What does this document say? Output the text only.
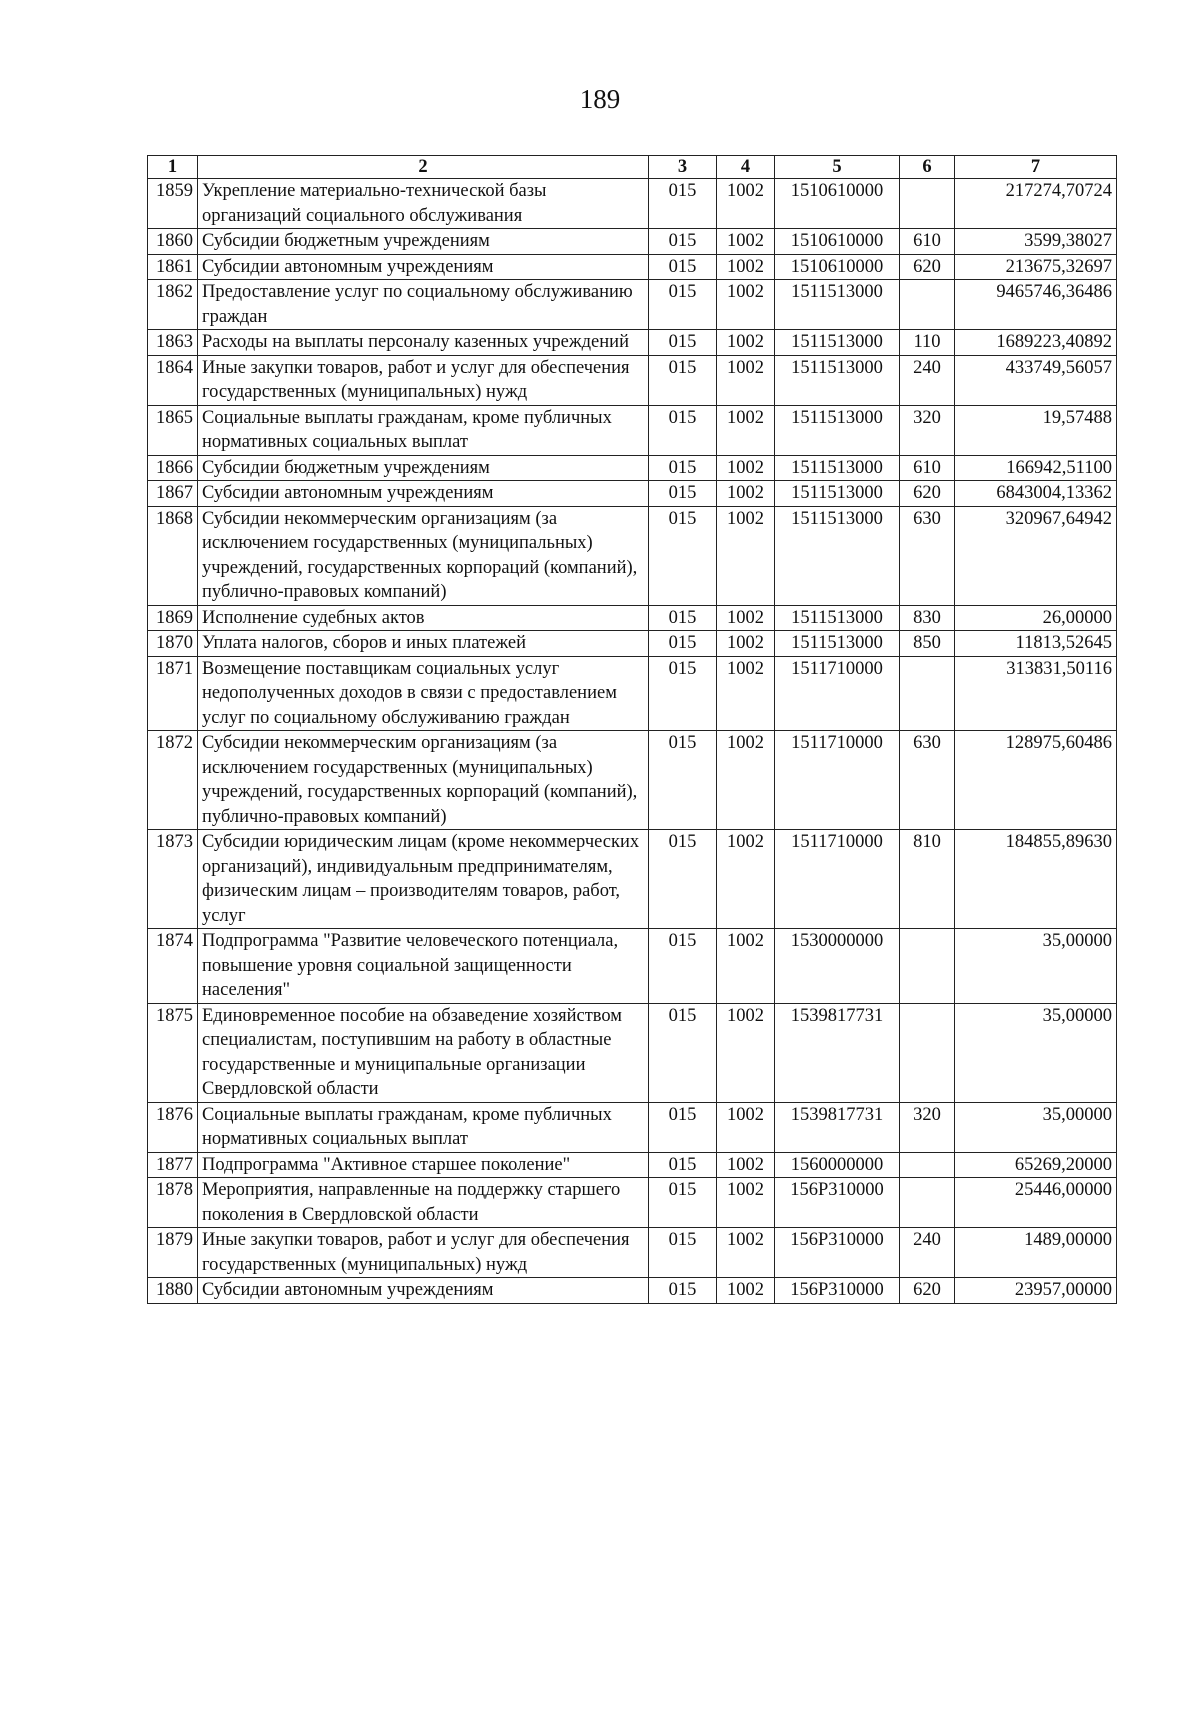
189
1	2	3	4	5	6	7
1859	Укрепление материально-технической базы организаций социального обслуживания	015	1002	1510610000		217274,70724
1860	Субсидии бюджетным учреждениям	015	1002	1510610000	610	3599,38027
1861	Субсидии автономным учреждениям	015	1002	1510610000	620	213675,32697
1862	Предоставление услуг по социальному обслуживанию граждан	015	1002	1511513000		9465746,36486
1863	Расходы на выплаты персоналу казенных учреждений	015	1002	1511513000	110	1689223,40892
1864	Иные закупки товаров, работ и услуг для обеспечения государственных (муниципальных) нужд	015	1002	1511513000	240	433749,56057
1865	Социальные выплаты гражданам, кроме публичных нормативных социальных выплат	015	1002	1511513000	320	19,57488
1866	Субсидии бюджетным учреждениям	015	1002	1511513000	610	166942,51100
1867	Субсидии автономным учреждениям	015	1002	1511513000	620	6843004,13362
1868	Субсидии некоммерческим организациям (за исключением государственных (муниципальных) учреждений, государственных корпораций (компаний), публично-правовых компаний)	015	1002	1511513000	630	320967,64942
1869	Исполнение судебных актов	015	1002	1511513000	830	26,00000
1870	Уплата налогов, сборов и иных платежей	015	1002	1511513000	850	11813,52645
1871	Возмещение поставщикам социальных услуг недополученных доходов в связи с предоставлением услуг по социальному обслуживанию граждан	015	1002	1511710000		313831,50116
1872	Субсидии некоммерческим организациям (за исключением государственных (муниципальных) учреждений, государственных корпораций (компаний), публично-правовых компаний)	015	1002	1511710000	630	128975,60486
1873	Субсидии юридическим лицам (кроме некоммерческих организаций), индивидуальным предпринимателям, физическим лицам – производителям товаров, работ, услуг	015	1002	1511710000	810	184855,89630
1874	Подпрограмма "Развитие человеческого потенциала, повышение уровня социальной защищенности населения"	015	1002	1530000000		35,00000
1875	Единовременное пособие на обзаведение хозяйством специалистам, поступившим на работу в областные государственные и муниципальные организации Свердловской области	015	1002	1539817731		35,00000
1876	Социальные выплаты гражданам, кроме публичных нормативных социальных выплат	015	1002	1539817731	320	35,00000
1877	Подпрограмма "Активное старшее поколение"	015	1002	1560000000		65269,20000
1878	Мероприятия, направленные на поддержку старшего поколения в Свердловской области	015	1002	156Р310000		25446,00000
1879	Иные закупки товаров, работ и услуг для обеспечения государственных (муниципальных) нужд	015	1002	156Р310000	240	1489,00000
1880	Субсидии автономным учреждениям	015	1002	156Р310000	620	23957,00000
